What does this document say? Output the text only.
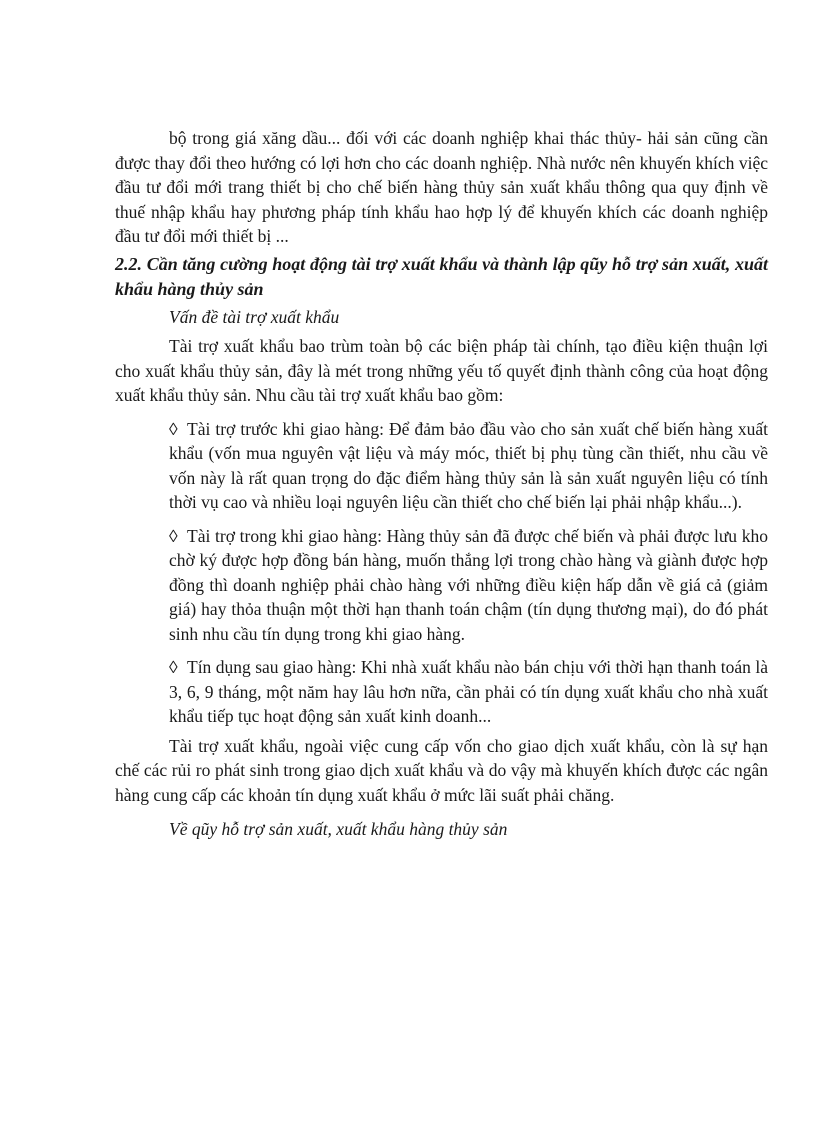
bộ trong giá xăng dầu... đối với các doanh nghiệp khai thác thủy- hải sản cũng cần được thay đổi theo hướng có lợi hơn cho các doanh nghiệp. Nhà nước nên khuyến khích việc đầu tư đổi mới trang thiết bị cho chế biến hàng thủy sản xuất khẩu thông qua quy định về thuế nhập khẩu hay phương pháp tính khẩu hao hợp lý để khuyến khích các doanh nghiệp đầu tư đổi mới thiết bị ...

2.2. Cần tăng cường hoạt động tài trợ xuất khẩu và thành lập qũy hỗ trợ sản xuất, xuất khẩu hàng thủy sản

Vấn đề tài trợ xuất khẩu

Tài trợ xuất khẩu bao trùm toàn bộ các biện pháp tài chính, tạo điều kiện thuận lợi cho xuất khẩu thủy sản, đây là mét trong những yếu tố quyết định thành công của hoạt động xuất khẩu thủy sản. Nhu cầu tài trợ xuất khẩu bao gồm:

◊ Tài trợ trước khi giao hàng: Để đảm bảo đầu vào cho sản xuất chế biến hàng xuất khẩu (vốn mua nguyên vật liệu và máy móc, thiết bị phụ tùng cần thiết, nhu cầu về vốn này là rất quan trọng do đặc điểm hàng thủy sản là sản xuất nguyên liệu có tính thời vụ cao và nhiều loại nguyên liệu cần thiết cho chế biến lại phải nhập khẩu...).

◊ Tài trợ trong khi giao hàng: Hàng thủy sản đã được chế biến và phải được lưu kho chờ ký được hợp đồng bán hàng, muốn thắng lợi trong chào hàng và giành được hợp đồng thì doanh nghiệp phải chào hàng với những điều kiện hấp dẫn về giá cả (giảm giá) hay thỏa thuận một thời hạn thanh toán chậm (tín dụng thương mại), do đó phát sinh nhu cầu tín dụng trong khi giao hàng.

◊ Tín dụng sau giao hàng: Khi nhà xuất khẩu nào bán chịu với thời hạn thanh toán là 3, 6, 9 tháng, một năm hay lâu hơn nữa, cần phải có tín dụng xuất khẩu cho nhà xuất khẩu tiếp tục hoạt động sản xuất kinh doanh...

Tài trợ xuất khẩu, ngoài việc cung cấp vốn cho giao dịch xuất khẩu, còn là sự hạn chế các rủi ro phát sinh trong giao dịch xuất khẩu và do vậy mà khuyến khích được các ngân hàng cung cấp các khoản tín dụng xuất khẩu ở mức lãi suất phải chăng.

Về qũy hỗ trợ sản xuất, xuất khẩu hàng thủy sản
